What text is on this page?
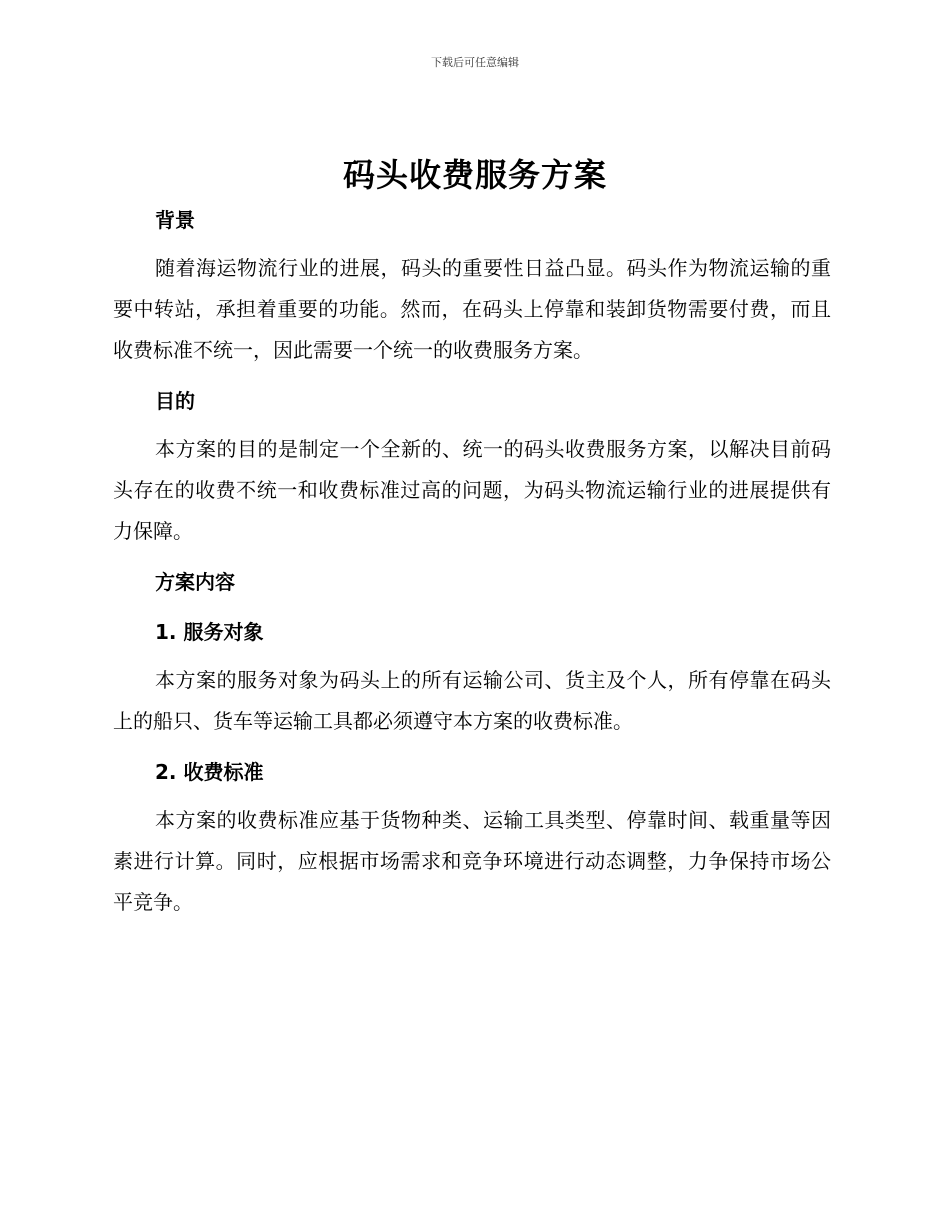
下载后可任意编辑
码头收费服务方案

背景

随着海运物流行业的进展，码头的重要性日益凸显。码头作为物流运输的重要中转站，承担着重要的功能。然而，在码头上停靠和装卸货物需要付费，而且收费标准不统一，因此需要一个统一的收费服务方案。

目的

本方案的目的是制定一个全新的、统一的码头收费服务方案，以解决目前码头存在的收费不统一和收费标准过高的问题，为码头物流运输行业的进展提供有力保障。

方案内容

1. 服务对象

本方案的服务对象为码头上的所有运输公司、货主及个人，所有停靠在码头上的船只、货车等运输工具都必须遵守本方案的收费标准。

2. 收费标准

本方案的收费标准应基于货物种类、运输工具类型、停靠时间、载重量等因素进行计算。同时，应根据市场需求和竞争环境进行动态调整，力争保持市场公平竞争。
